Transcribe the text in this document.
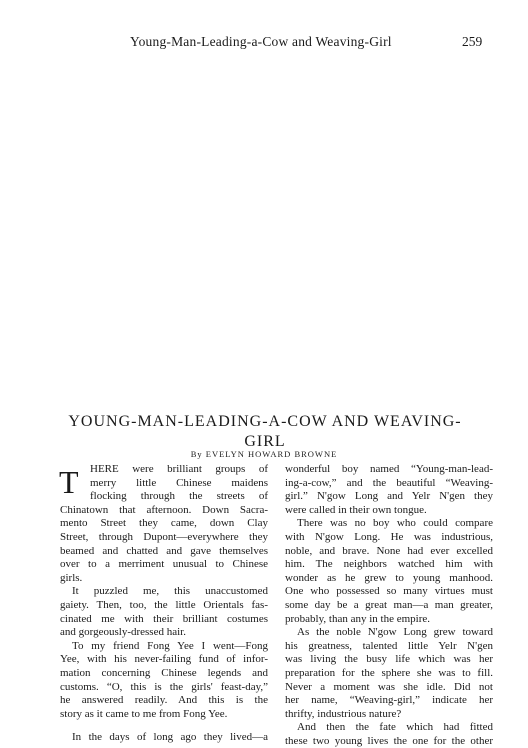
Young-Man-Leading-a-Cow and Weaving-Girl	259
YOUNG-MAN-LEADING-A-COW AND WEAVING-GIRL
By EVELYN HOWARD BROWNE
T	HERE were brilliant groups of
merry little Chinese maidens
flocking through the streets of
Chinatown that afternoon. Down Sacra-
mento Street they came, down Clay
Street, through Dupont—everywhere they
beamed and chatted and gave themselves
over to a merriment unusual to Chinese
girls.
It puzzled me, this unaccustomed
gaiety. Then, too, the little Orientals fas-
cinated me with their brilliant costumes
and gorgeously-dressed hair.
To my friend Fong Yee I went—Fong
Yee, with his never-failing fund of infor-
mation concerning Chinese legends and
customs. “O, this is the girls' feast-day,”
he answered readily. And this is the
story as it came to me from Fong Yee.
In the days of long ago they lived—a
wonderful boy named “Young-man-lead-
ing-a-cow,” and the beautiful “Weaving-
girl.” N'gow Long and Yelr N'gen they
were called in their own tongue.
There was no boy who could compare
with N'gow Long. He was industrious,
noble, and brave. None had ever excelled
him. The neighbors watched him with
wonder as he grew to young manhood.
One who possessed so many virtues must
some day be a great man—a man greater,
probably, than any in the empire.
As the noble N'gow Long grew toward
his greatness, talented little Yelr N'gen
was living the busy life which was her
preparation for the sphere she was to fill.
Never a moment was she idle. Did not
her name, “Weaving-girl,” indicate her
thrifty, industrious nature?
And then the fate which had fitted
these two young lives the one for the other
